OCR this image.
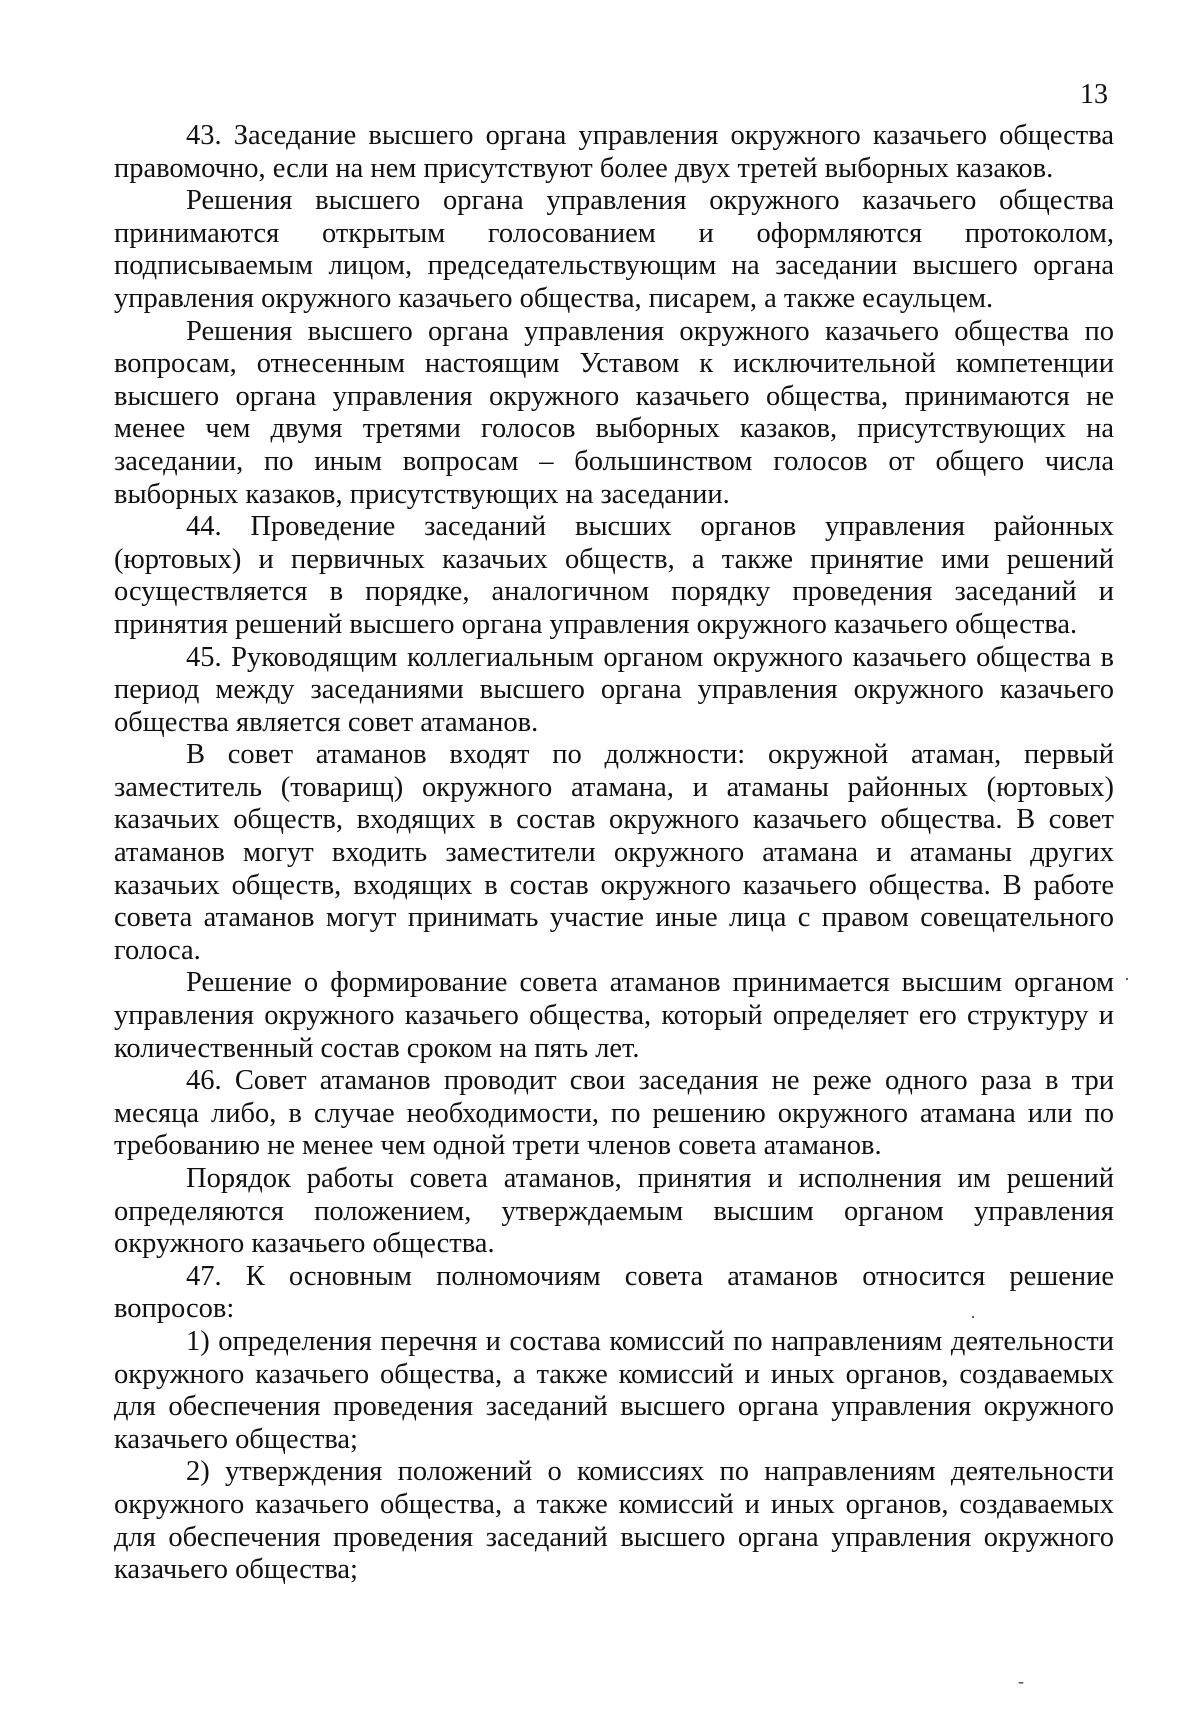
13

43. Заседание высшего органа управления окружного казачьего общества правомочно, если на нем присутствуют более двух третей выборных казаков.

Решения высшего органа управления окружного казачьего общества принимаются открытым голосованием и оформляются протоколом, подписываемым лицом, председательствующим на заседании высшего органа управления окружного казачьего общества, писарем, а также есаульцем.

Решения высшего органа управления окружного казачьего общества по вопросам, отнесенным настоящим Уставом к исключительной компетенции высшего органа управления окружного казачьего общества, принимаются не менее чем двумя третями голосов выборных казаков, присутствующих на заседании, по иным вопросам – большинством голосов от общего числа выборных казаков, присутствующих на заседании.

44. Проведение заседаний высших органов управления районных (юртовых) и первичных казачьих обществ, а также принятие ими решений осуществляется в порядке, аналогичном порядку проведения заседаний и принятия решений высшего органа управления окружного казачьего общества.

45. Руководящим коллегиальным органом окружного казачьего общества в период между заседаниями высшего органа управления окружного казачьего общества является совет атаманов.

В совет атаманов входят по должности: окружной атаман, первый заместитель (товарищ) окружного атамана, и атаманы районных (юртовых) казачьих обществ, входящих в состав окружного казачьего общества. В совет атаманов могут входить заместители окружного атамана и атаманы других казачьих обществ, входящих в состав окружного казачьего общества. В работе совета атаманов могут принимать участие иные лица с правом совещательного голоса.

Решение о формирование совета атаманов принимается высшим органом управления окружного казачьего общества, который определяет его структуру и количественный состав сроком на пять лет.

46. Совет атаманов проводит свои заседания не реже одного раза в три месяца либо, в случае необходимости, по решению окружного атамана или по требованию не менее чем одной трети членов совета атаманов.

Порядок работы совета атаманов, принятия и исполнения им решений определяются положением, утверждаемым высшим органом управления окружного казачьего общества.

47. К основным полномочиям совета атаманов относится решение вопросов:

1) определения перечня и состава комиссий по направлениям деятельности окружного казачьего общества, а также комиссий и иных органов, создаваемых для обеспечения проведения заседаний высшего органа управления окружного казачьего общества;

2) утверждения положений о комиссиях по направлениям деятельности окружного казачьего общества, а также комиссий и иных органов, создаваемых для обеспечения проведения заседаний высшего органа управления окружного казачьего общества;

·
·
-
